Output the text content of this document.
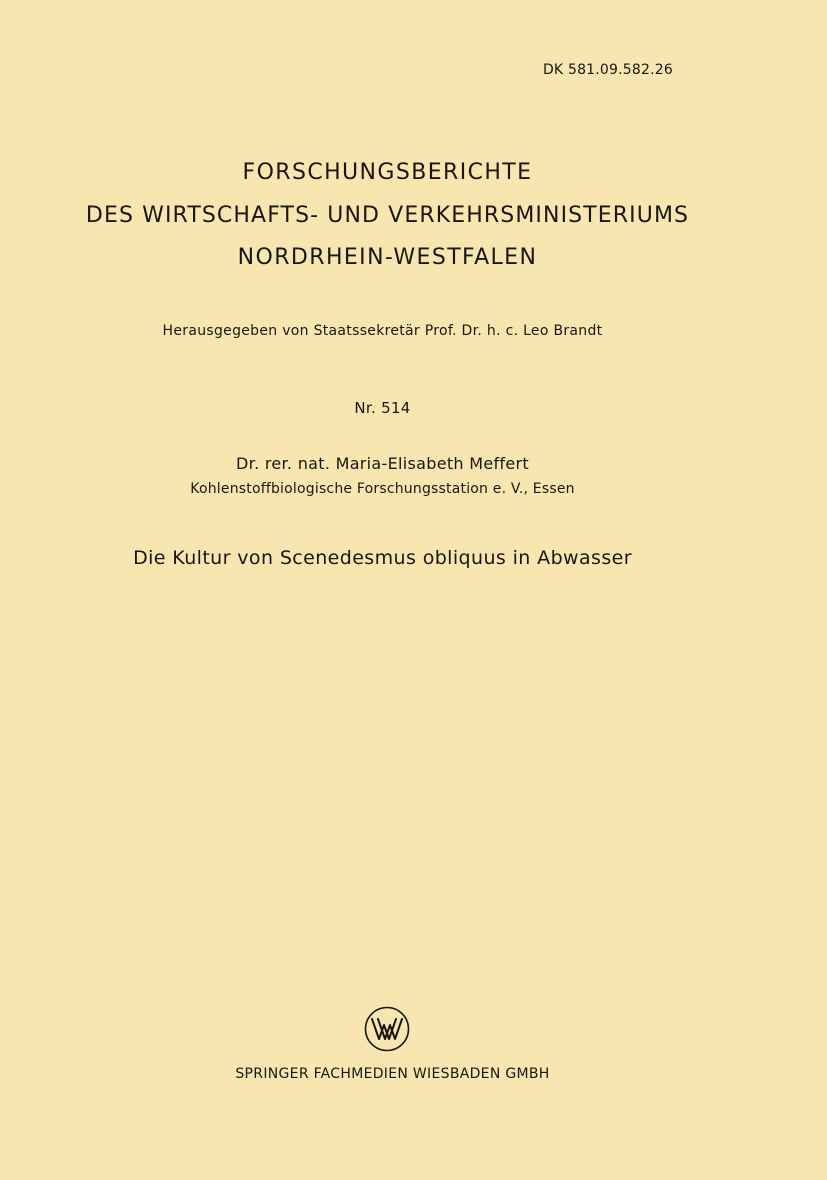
DK 581.09.582.26
FORSCHUNGSBERICHTE
DES WIRTSCHAFTS- UND VERKEHRSMINISTERIUMS
NORDRHEIN-WESTFALEN
Herausgegeben von Staatssekretär Prof. Dr. h. c. Leo Brandt
Nr. 514
Dr. rer. nat. Maria-Elisabeth Meffert
Kohlenstoffbiologische Forschungsstation e. V., Essen
Die Kultur von Scenedesmus obliquus in Abwasser
SPRINGER FACHMEDIEN WIESBADEN GMBH
